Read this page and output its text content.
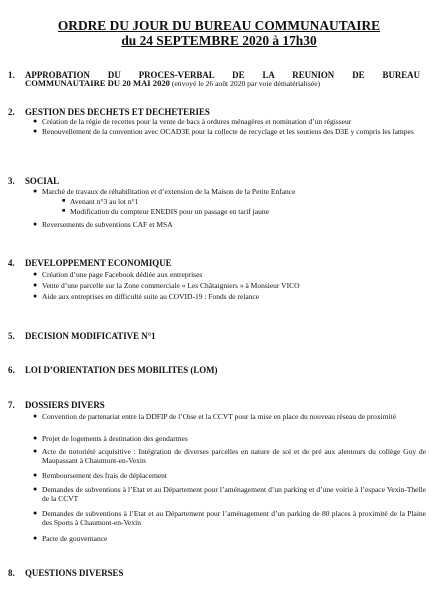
ORDRE DU JOUR DU BUREAU COMMUNAUTAIRE
du 24 SEPTEMBRE 2020 à 17h30
1. APPROBATION DU PROCES-VERBAL DE LA REUNION DE BUREAU
COMMUNAUTAIRE DU 20 MAI 2020 (envoyé le 26 août 2020 par voie dématérialisée)
2. GESTION DES DECHETS ET DECHETERIES
● Création de la régie de recettes pour la vente de bacs à ordures ménagères et nomination d’un régisseur
● Renouvellement de la convention avec OCAD3E pour la collecte de recyclage et les soutiens des D3E y compris les lampes
3. SOCIAL
● Marché de travaux de réhabilitation et d’extension de la Maison de la Petite Enfance
■ Avenant n°3 au lot n°1
■ Modification du compteur ENEDIS pour un passage en tarif jaune
● Reversements de subventions CAF et MSA
4. DEVELOPPEMENT ECONOMIQUE
● Création d’une page Facebook dédiée aux entreprises
● Vente d’une parcelle sur la Zone commerciale « Les Châtaigniers » à Monsieur VICO
● Aide aux entreprises en difficulté suite au COVID-19 : Fonds de relance
5. DECISION MODIFICATIVE N°1
6. LOI D’ORIENTATION DES MOBILITES (LOM)
7. DOSSIERS DIVERS
● Convention de partenariat entre la DDFIP de l’Oise et la CCVT pour la mise en place du nouveau réseau de proximité
● Projet de logements à destination des gendarmes
● Acte de notoriété acquisitive : Intégration de diverses parcelles en nature de sol et de pré aux alentours du collège Guy de Maupassant à Chaumont-en-Vexin
● Remboursement des frais de déplacement
● Demandes de subventions à l’Etat et au Département pour l’aménagement d’un parking et d’une voirie à l’espace Vexin-Thelle de la CCVT
● Demandes de subventions à l’Etat et au Département pour l’aménagement d’un parking de 80 places à proximité de la Plaine des Sports à Chaumont-en-Vexin
● Pacte de gouvernance
8. QUESTIONS DIVERSES
